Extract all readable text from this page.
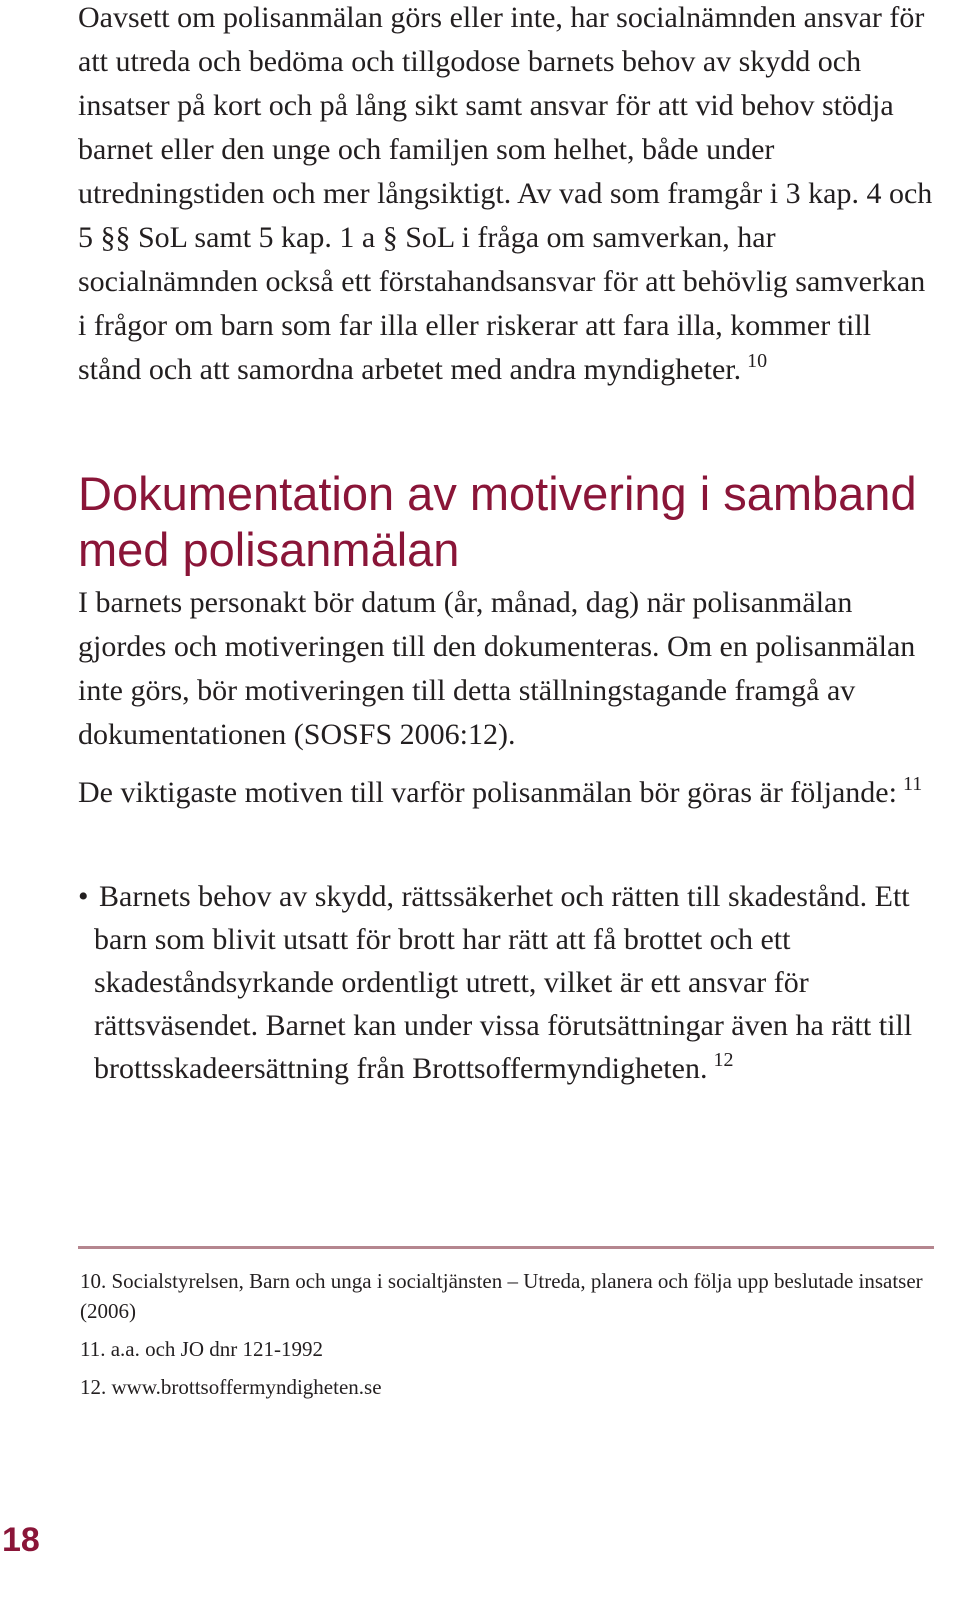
Oavsett om polisanmälan görs eller inte, har socialnämnden ansvar för att utreda och bedöma och tillgodose barnets behov av skydd och insatser på kort och på lång sikt samt ansvar för att vid behov stödja barnet eller den unge och familjen som helhet, både under utredningstiden och mer långsiktigt. Av vad som framgår i 3 kap. 4 och 5 §§ SoL samt 5 kap. 1 a § SoL i fråga om samverkan, har socialnämnden också ett förstahandsansvar för att behövlig samverkan i frågor om barn som far illa eller riskerar att fara illa, kommer till stånd och att samordna arbetet med andra myndigheter. $^{10}$

Dokumentation av motivering i samband med polisanmälan

I barnets personakt bör datum (år, månad, dag) när polisanmälan gjordes och motiveringen till den dokumenteras. Om en polisanmälan inte görs, bör motiveringen till detta ställningstagande framgå av dokumentationen (SOSFS 2006:12).

De viktigaste motiven till varför polisanmälan bör göras är följande: $^{11}$

• Barnets behov av skydd, rättssäkerhet och rätten till skadestånd. Ett barn som blivit utsatt för brott har rätt att få brottet och ett skadeståndsyrkande ordentligt utrett, vilket är ett ansvar för rättsväsendet. Barnet kan under vissa förutsättningar även ha rätt till brottsskadeersättning från Brottsoffermyndigheten. $^{12}$

10. Socialstyrelsen, Barn och unga i socialtjänsten – Utreda, planera och följa upp beslutade insatser (2006)

11. a.a. och JO dnr 121-1992

12. www.brottsoffermyndigheten.se

18
